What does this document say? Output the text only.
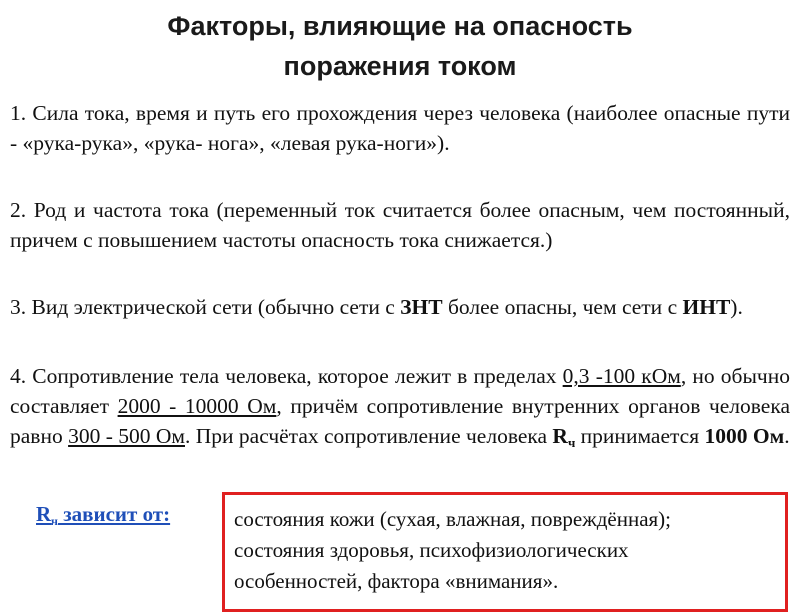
Факторы, влияющие на опасность
поражения током
1. Сила тока, время и путь его прохождения через человека (наиболее опасные пути - «рука-рука», «рука- нога», «левая рука-ноги»).
2. Род и частота тока (переменный ток считается более опасным, чем постоянный, причем с повышением частоты опасность тока снижается.)
3. Вид электрической сети (обычно сети с ЗНТ более опасны, чем сети с ИНТ).
4. Сопротивление тела человека, которое лежит в пределах 0,3 -100 кОм, но обычно составляет 2000 - 10000 Ом, причём сопротивление внутренних органов человека равно 300 - 500 Ом. При расчётах сопротивление человека $R_ч$ принимается 1000 Ом.
$R_ч$ зависит от:	состояния кожи (сухая, влажная, повреждённая);
состояния здоровья, психофизиологических
особенностей, фактора «внимания».
